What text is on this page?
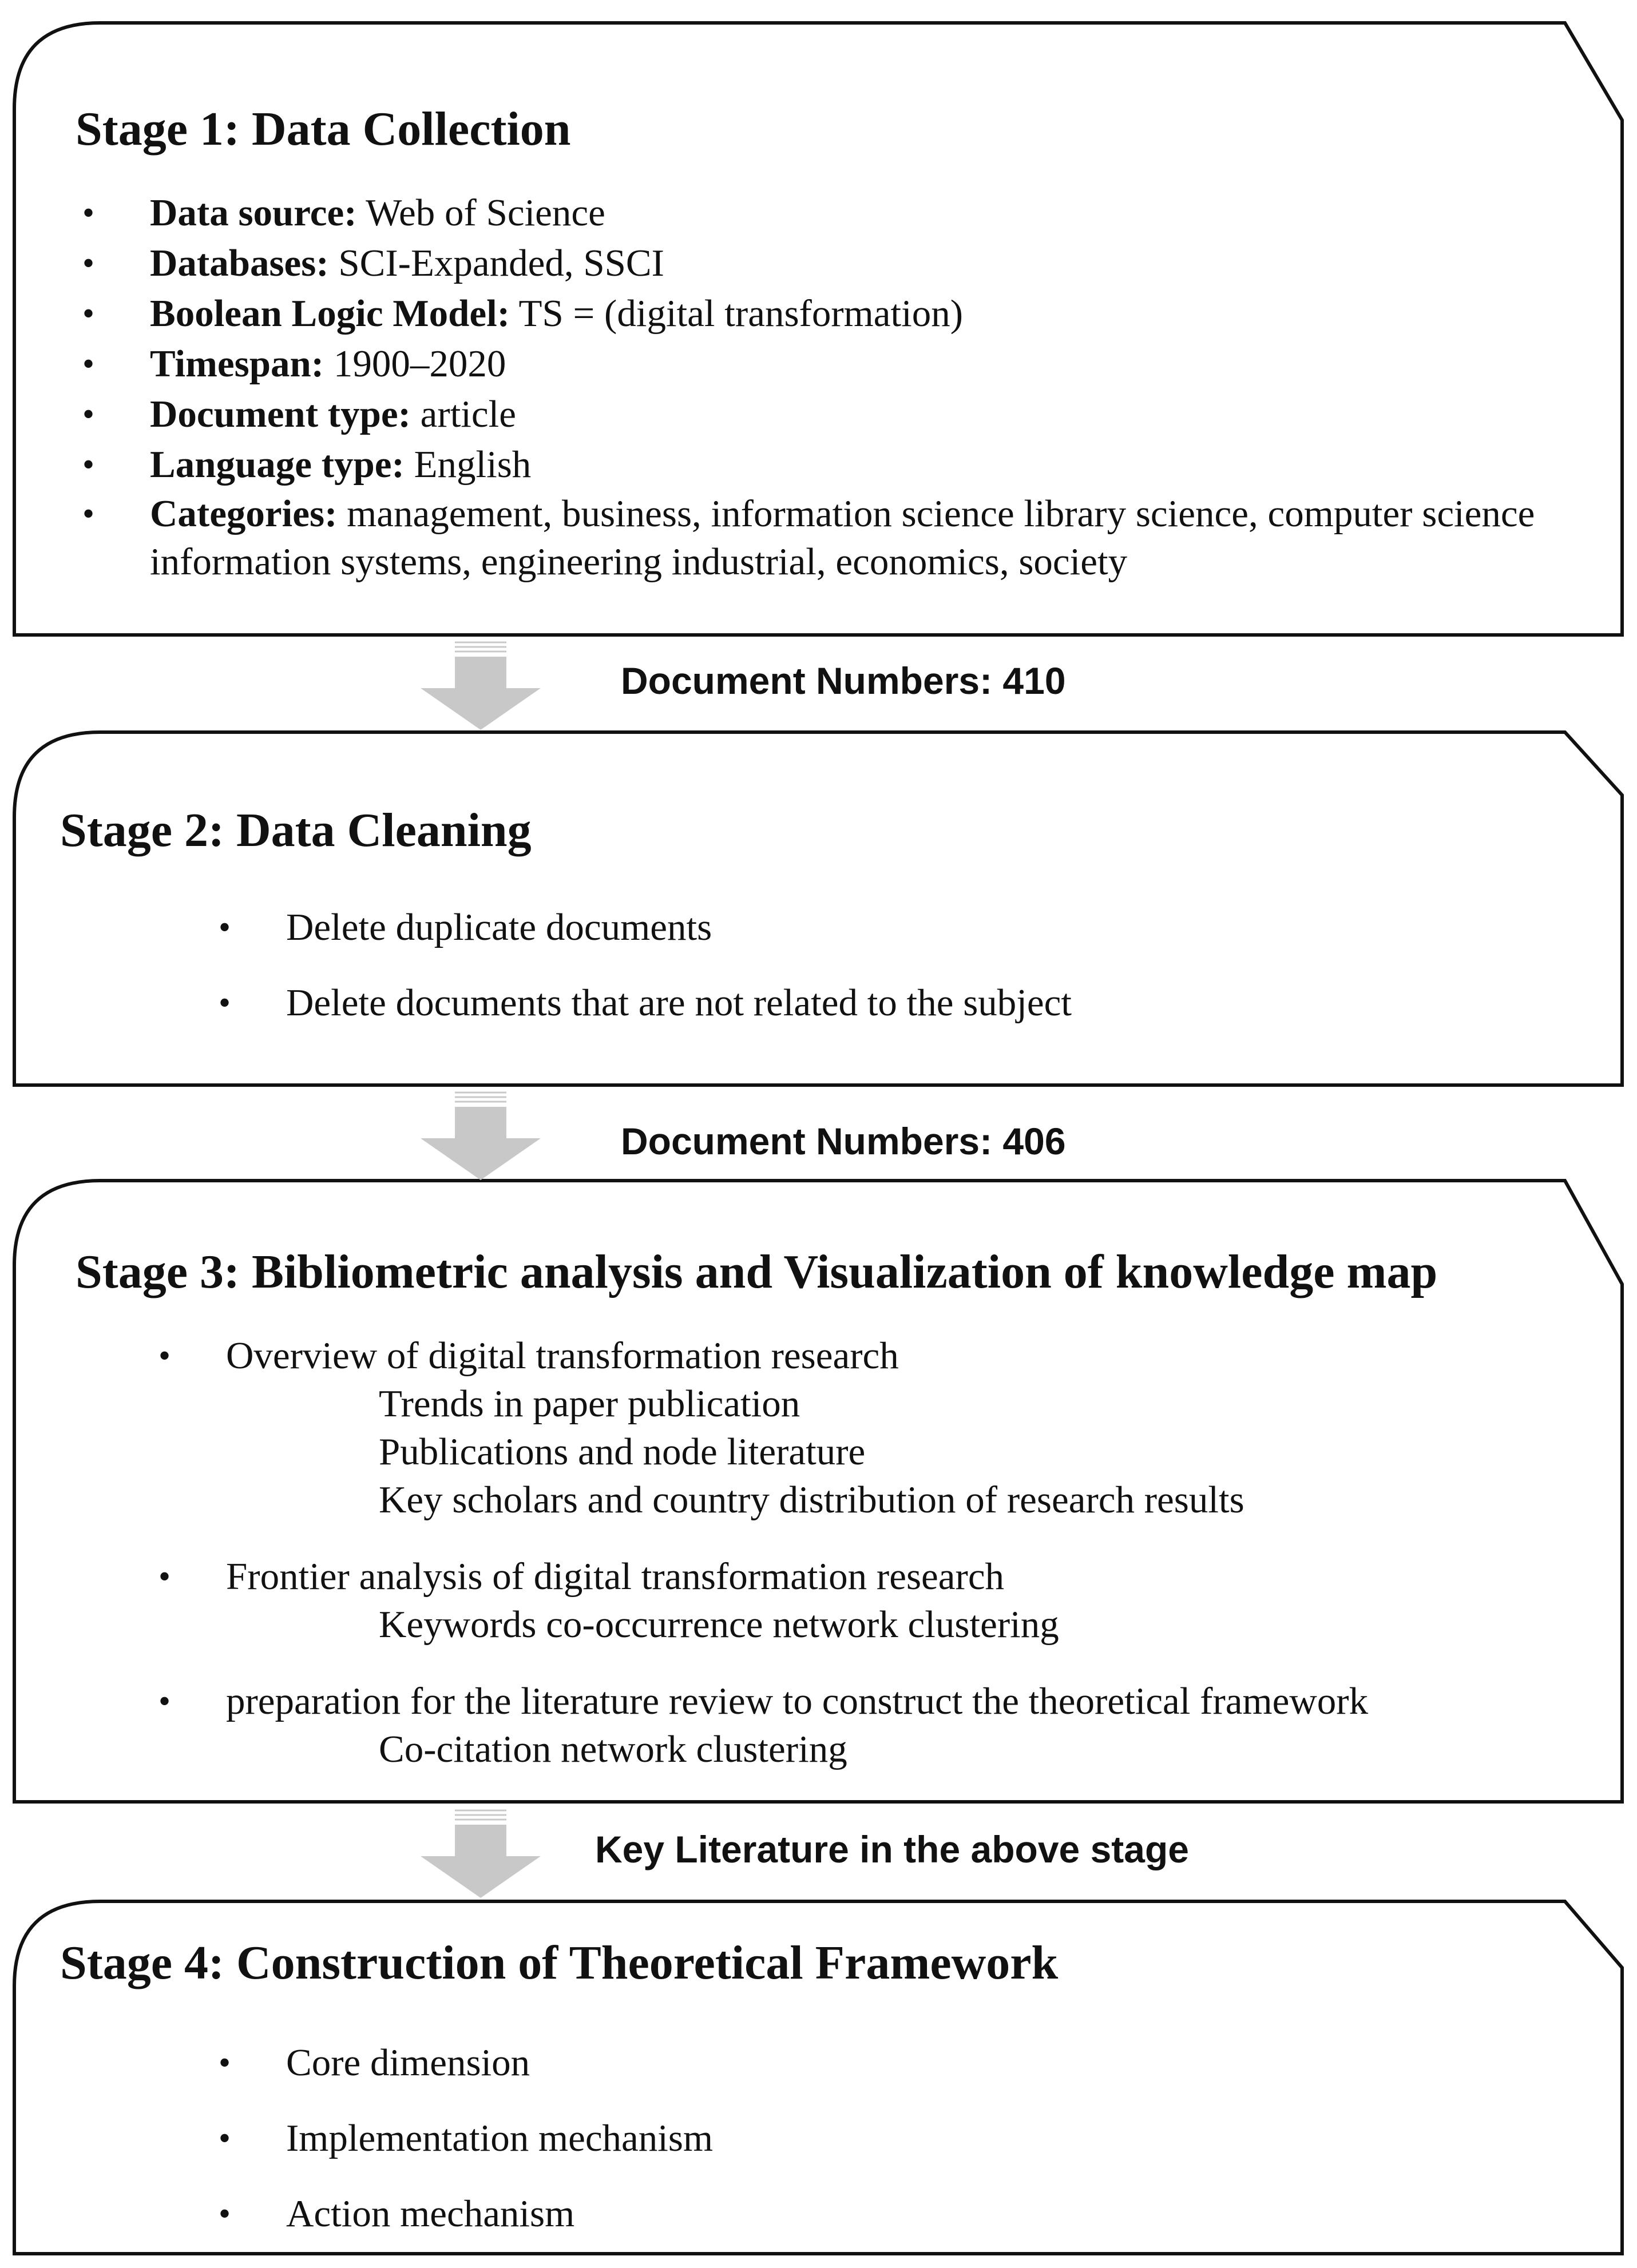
Stage 1: Data Collection
• Data source: Web of Science
• Databases: SCI-Expanded, SSCI
• Boolean Logic Model: TS = (digital transformation)
• Timespan: 1900–2020
• Document type: article
• Language type: English
• Categories: management, business, information science library science, computer science information systems, engineering industrial, economics, society
Document Numbers: 410
Stage 2: Data Cleaning
• Delete duplicate documents
• Delete documents that are not related to the subject
Document Numbers: 406
Stage 3: Bibliometric analysis and Visualization of knowledge map
• Overview of digital transformation research
Trends in paper publication
Publications and node literature
Key scholars and country distribution of research results
• Frontier analysis of digital transformation research
Keywords co-occurrence network clustering
• preparation for the literature review to construct the theoretical framework
Co-citation network clustering
Key Literature in the above stage
Stage 4: Construction of Theoretical Framework
• Core dimension
• Implementation mechanism
• Action mechanism
